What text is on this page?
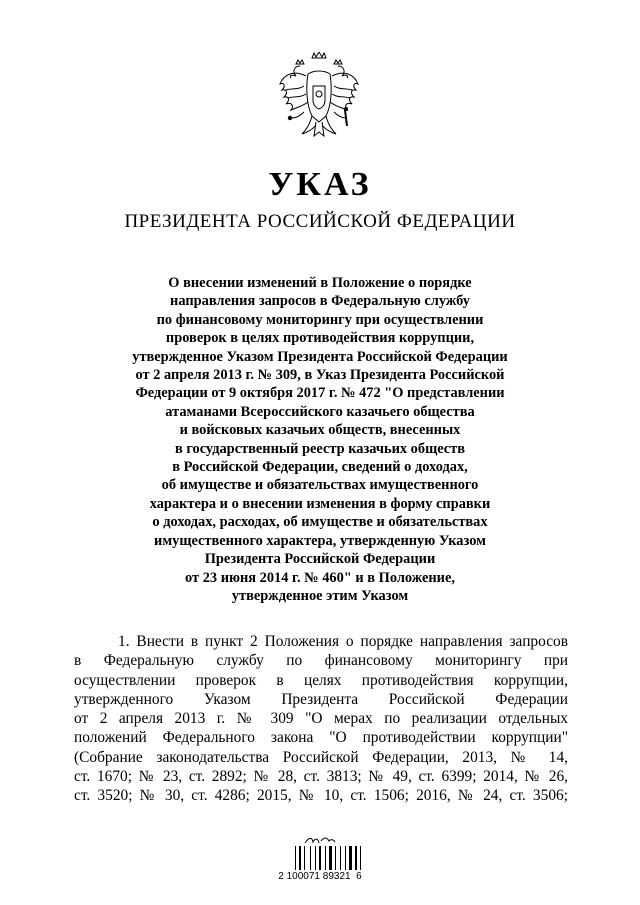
УКАЗ
ПРЕЗИДЕНТА РОССИЙСКОЙ ФЕДЕРАЦИИ
О внесении изменений в Положение о порядке
направления запросов в Федеральную службу
по финансовому мониторингу при осуществлении
проверок в целях противодействия коррупции,
утвержденное Указом Президента Российской Федерации
от 2 апреля 2013 г. № 309, в Указ Президента Российской
Федерации от 9 октября 2017 г. № 472 "О представлении
атаманами Всероссийского казачьего общества
и войсковых казачьих обществ, внесенных
в государственный реестр казачьих обществ
в Российской Федерации, сведений о доходах,
об имуществе и обязательствах имущественного
характера и о внесении изменения в форму справки
о доходах, расходах, об имуществе и обязательствах
имущественного характера, утвержденную Указом
Президента Российской Федерации
от 23 июня 2014 г. № 460" и в Положение,
утвержденное этим Указом
1. Внести в пункт 2 Положения о порядке направления запросов
в Федеральную службу по финансовому мониторингу при
осуществлении проверок в целях противодействия коррупции,
утвержденного Указом Президента Российской Федерации
от 2 апреля 2013 г. № 309 "О мерах по реализации отдельных
положений Федерального закона "О противодействии коррупции"
(Собрание законодательства Российской Федерации, 2013, № 14,
ст. 1670; № 23, ст. 2892; № 28, ст. 3813; № 49, ст. 6399; 2014, № 26,
ст. 3520; № 30, ст. 4286; 2015, № 10, ст. 1506; 2016, № 24, ст. 3506;
2 100071 89321  6
